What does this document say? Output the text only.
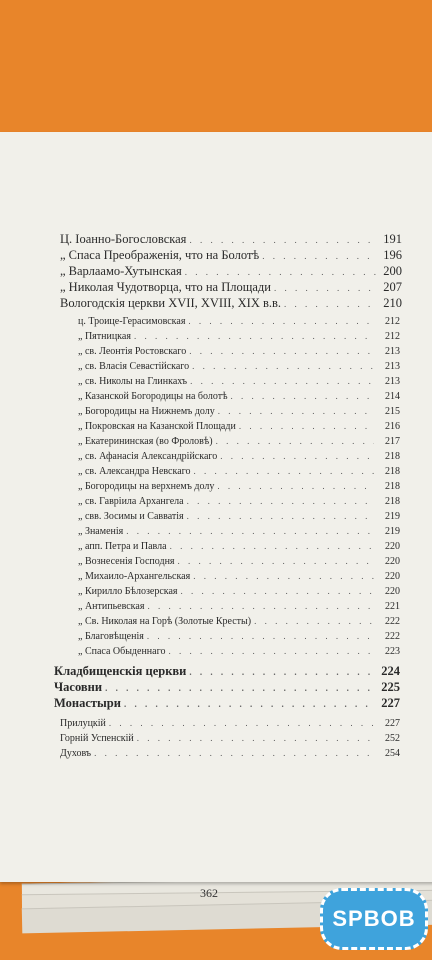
Ц. Іоанно-Богословская . . .	191
„ Спаса Преображенія, что на Болотѣ . . .	196
„ Варлаамо-Хутынская . . .	200
„ Николая Чудотворца, что на Площади . . .	207
Вологодскія церкви XVII, XVIII, XIX в.в. . . .	210
ц. Троице-Герасимовская . . .	212
„ Пятницкая . . .	212
„ св. Леонтія Ростовскаго . . .	213
„ св. Власія Севастійскаго . . .	213
„ св. Николы на Глинкахъ . . .	213
„ Казанской Богородицы на болотѣ . . .	214
„ Богородицы на Нижнемъ долу . . .	215
„ Покровская на Казанской Площади . . .	216
„ Екатерининская (во Фроловѣ) . . .	217
„ св. Афанасія Александрійскаго . . .	218
„ св. Александра Невскаго . . .	218
„ Богородицы на верхнемъ долу . . .	218
„ св. Гавріила Архангела . . .	218
„ свв. Зосимы и Савватія . . .	219
„ Знаменія . . .	219
„ апп. Петра и Павла . . .	220
„ Вознесенія Господня . . .	220
„ Михаило-Архангельская . . .	220
„ Кирилло Бѣлозерская . . .	220
„ Антипьевская . . .	221
„ Св. Николая на Горѣ (Золотые Кресты) . . .	222
„ Благовѣщенія . . .	222
„ Спаса Обыденнаго . . .	223
Кладбищенскія церкви . . .	224
Часовни . . .	225
Монастыри . . .	227
Прилуцкій . . .	227
Горній Успенскій . . .	252
Духовъ . . .	254
362
SPBOB
